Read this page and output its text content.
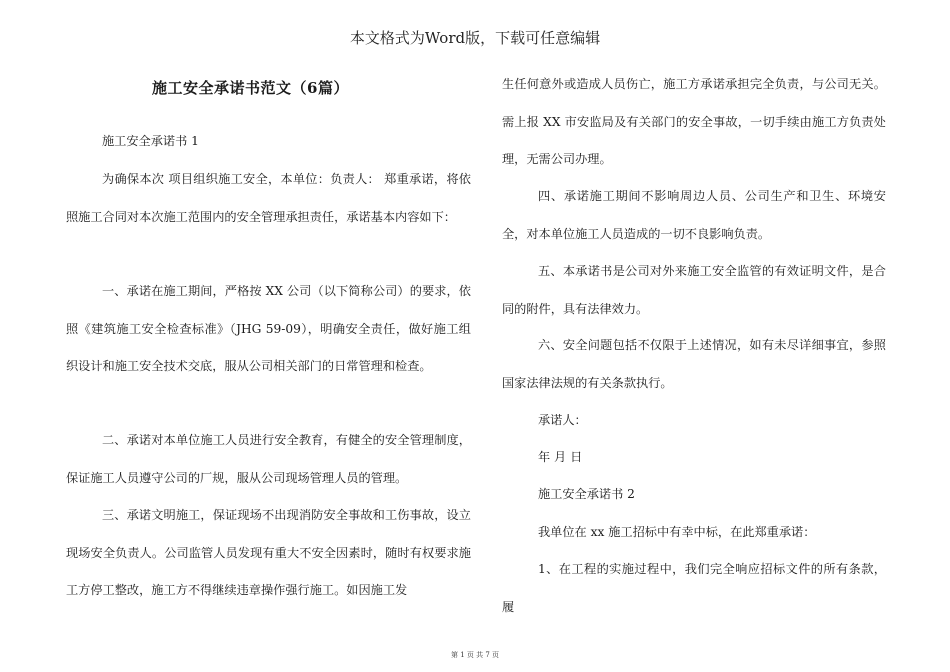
本文格式为Word版，下载可任意编辑
施工安全承诺书范文（6篇）

施工安全承诺书 1

为确保本次 项目组织施工安全，本单位：负责人： 郑重承诺，将依照施工合同对本次施工范围内的安全管理承担责任，承诺基本内容如下：

一、承诺在施工期间，严格按 XX 公司（以下简称公司）的要求，依照《建筑施工安全检查标准》（JHG 59-09），明确安全责任，做好施工组织设计和施工安全技术交底，服从公司相关部门的日常管理和检查。

二、承诺对本单位施工人员进行安全教育，有健全的安全管理制度，保证施工人员遵守公司的厂规，服从公司现场管理人员的管理。

三、承诺文明施工，保证现场不出现消防安全事故和工伤事故，设立现场安全负责人。公司监管人员发现有重大不安全因素时，随时有权要求施工方停工整改，施工方不得继续违章操作强行施工。如因施工发

生任何意外或造成人员伤亡，施工方承诺承担完全负责，与公司无关。需上报 XX 市安监局及有关部门的安全事故，一切手续由施工方负责处理，无需公司办理。

四、承诺施工期间不影响周边人员、公司生产和卫生、环境安全，对本单位施工人员造成的一切不良影响负责。

五、本承诺书是公司对外来施工安全监管的有效证明文件，是合同的附件，具有法律效力。

六、安全问题包括不仅限于上述情况，如有未尽详细事宜，参照国家法律法规的有关条款执行。

承诺人：

年 月 日

施工安全承诺书 2

我单位在 xx 施工招标中有幸中标，在此郑重承诺：

1、在工程的实施过程中，我们完全响应招标文件的所有条款，履

第 1 页 共 7 页
